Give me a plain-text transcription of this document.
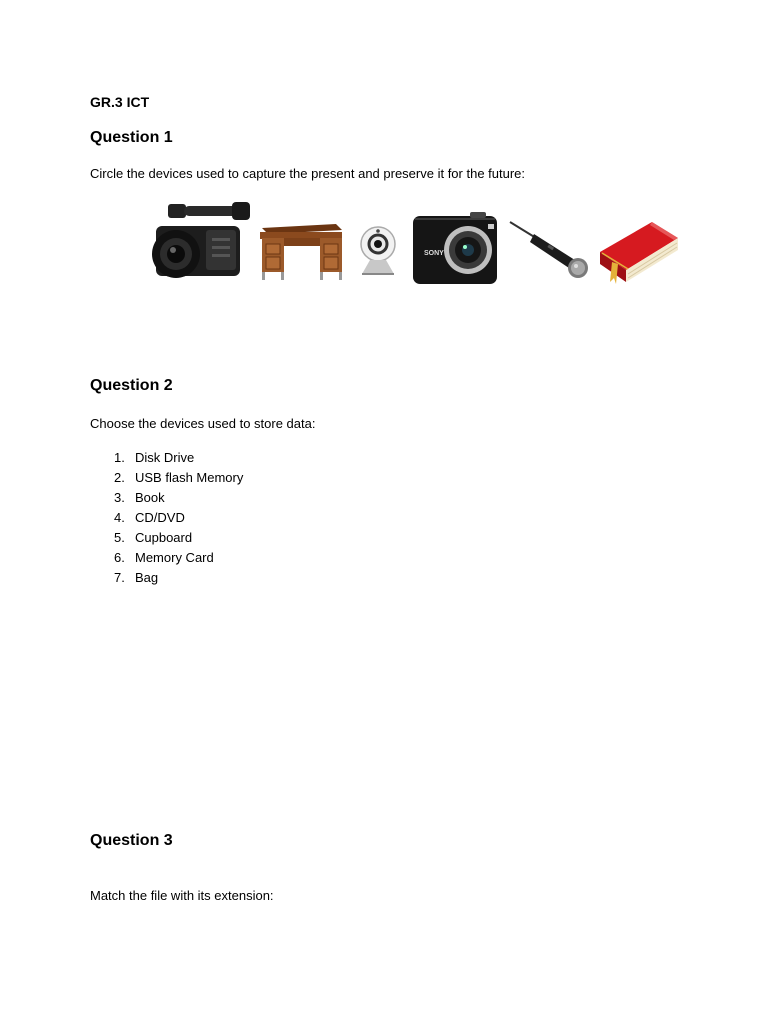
GR.3 ICT
Question 1
Circle the devices used to capture the present and preserve it for the future:
SONY
Question 2
Choose the devices used to store data:
1. Disk Drive
2. USB flash Memory
3. Book
4. CD/DVD
5. Cupboard
6. Memory Card
7. Bag
Question 3
Match the file with its extension:
